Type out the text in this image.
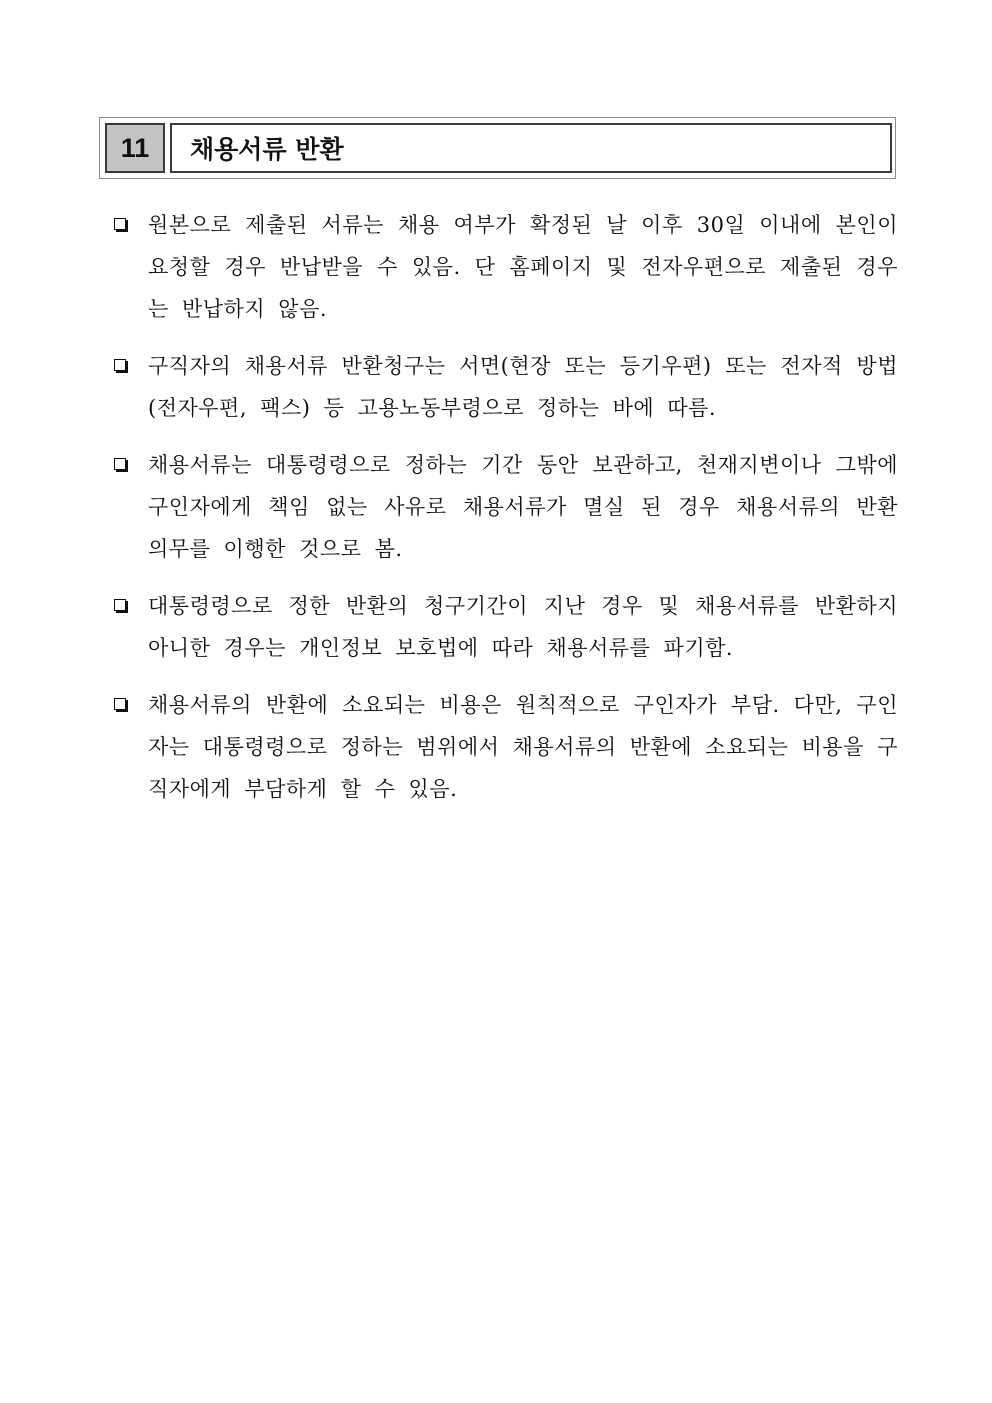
11	채용서류 반환
원본으로 제출된 서류는 채용 여부가 확정된 날 이후 30일 이내에 본인이 요청할 경우 반납받을 수 있음. 단 홈페이지 및 전자우편으로 제출된 경우는 반납하지 않음.
구직자의 채용서류 반환청구는 서면(현장 또는 등기우편) 또는 전자적 방법(전자우편, 팩스) 등 고용노동부령으로 정하는 바에 따름.
채용서류는 대통령령으로 정하는 기간 동안 보관하고, 천재지변이나 그밖에 구인자에게 책임 없는 사유로 채용서류가 멸실 된 경우 채용서류의 반환 의무를 이행한 것으로 봄.
대통령령으로 정한 반환의 청구기간이 지난 경우 및 채용서류를 반환하지 아니한 경우는 개인정보 보호법에 따라 채용서류를 파기함.
채용서류의 반환에 소요되는 비용은 원칙적으로 구인자가 부담. 다만, 구인자는 대통령령으로 정하는 범위에서 채용서류의 반환에 소요되는 비용을 구직자에게 부담하게 할 수 있음.
